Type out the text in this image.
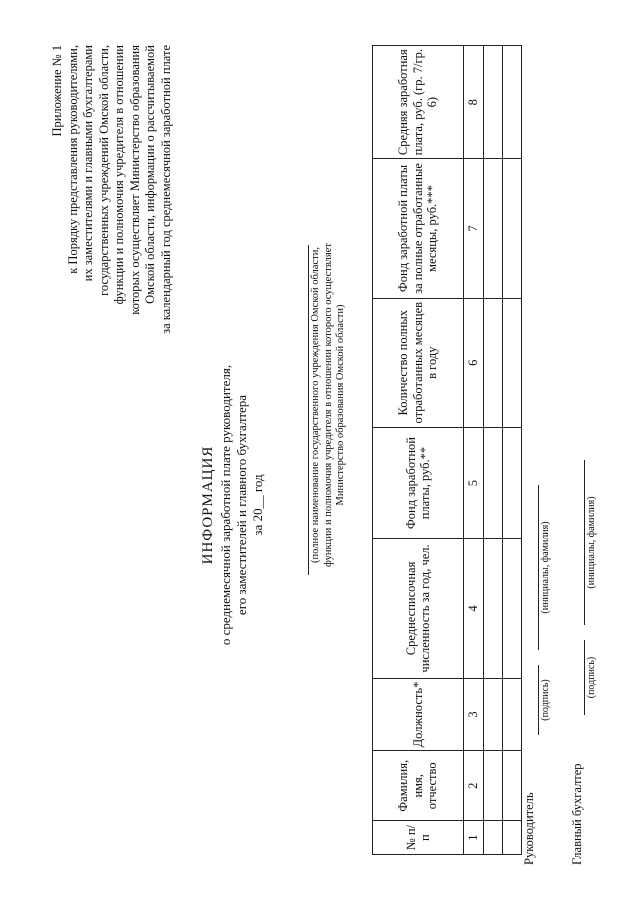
Приложение № 1 к Порядку представления руководителями, их заместителями и главными бухгалтерами государственных учреждений Омской области, функции и полномочия учредителя в отношении которых осуществляет Министерство образования Омской области, информации о рассчитываемой за календарный год среднемесячной заработной плате
ИНФОРМАЦИЯ о среднемесячной заработной плате руководителя, его заместителей и главного бухгалтера за 20__ год	(полное наименование государственного учреждения Омской области, функции и полномочия учредителя в отношении которого осуществляет Министерство образования Омской области)
№ п/п	Фамилия, имя, отчество	Должность*	Среднесписочная численность за год, чел.	Фонд заработной платы, руб.**	Количество полных отработанных месяцев в году	Фонд заработной платы за полные отработанные месяцы, руб.***	Средняя заработная плата, руб. (гр. 7/гр. 6)
1	2	3	4	5	6	7	8

Руководитель
(подпись)
(инициалы, фамилия)
Главный бухгалтер
(подпись)
(инициалы, фамилия)
